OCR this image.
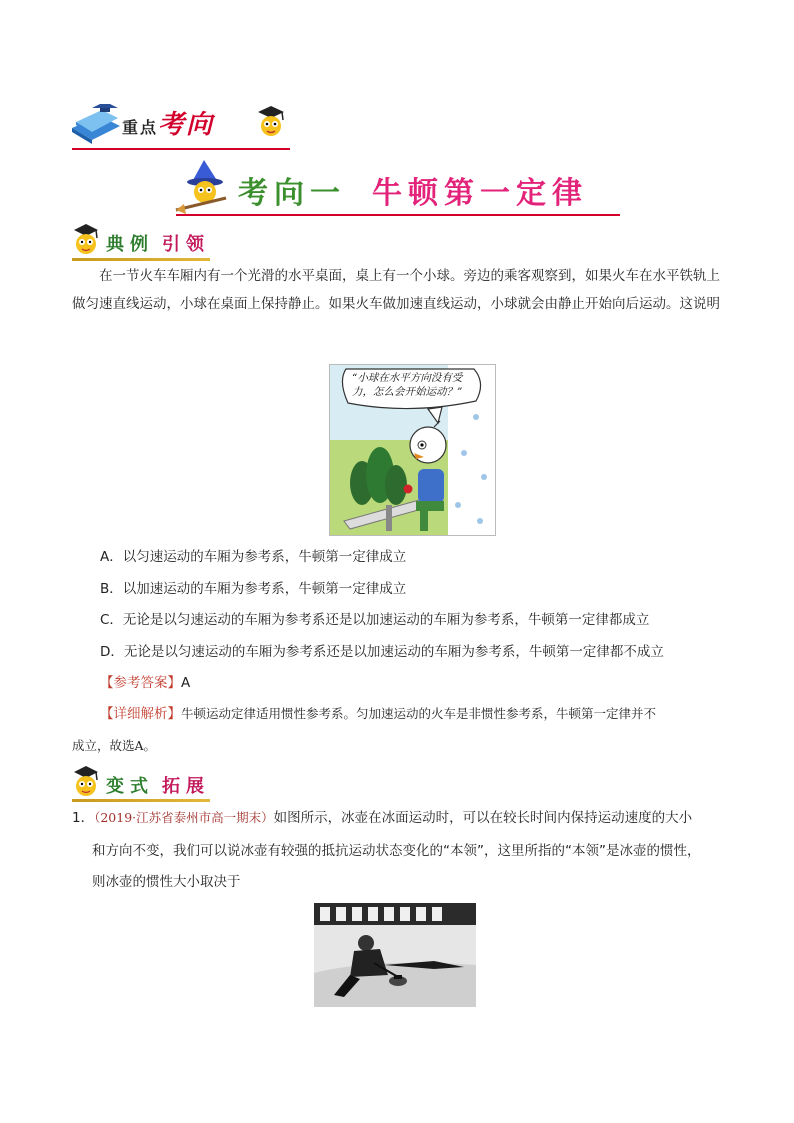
重点 考向
考向一 牛顿第一定律
典例 引领
在一节火车车厢内有一个光滑的水平桌面，桌上有一个小球。旁边的乘客观察到，如果火车在水平铁轨上做匀速直线运动，小球在桌面上保持静止。如果火车做加速直线运动，小球就会由静止开始向后运动。这说明
“小球在水平方向没有受力，怎么会开始运动？”
A．以匀速运动的车厢为参考系，牛顿第一定律成立
B．以加速运动的车厢为参考系，牛顿第一定律成立
C．无论是以匀速运动的车厢为参考系还是以加速运动的车厢为参考系，牛顿第一定律都成立
D．无论是以匀速运动的车厢为参考系还是以加速运动的车厢为参考系，牛顿第一定律都不成立
【参考答案】A
【详细解析】牛顿运动定律适用惯性参考系。匀加速运动的火车是非惯性参考系，牛顿第一定律并不
成立，故选A。
变式 拓展
1．（2019·江苏省泰州市高一期末）如图所示，冰壶在冰面运动时，可以在较长时间内保持运动速度的大小
和方向不变，我们可以说冰壶有较强的抵抗运动状态变化的“本领”，这里所指的“本领”是冰壶的惯性，
则冰壶的惯性大小取决于
